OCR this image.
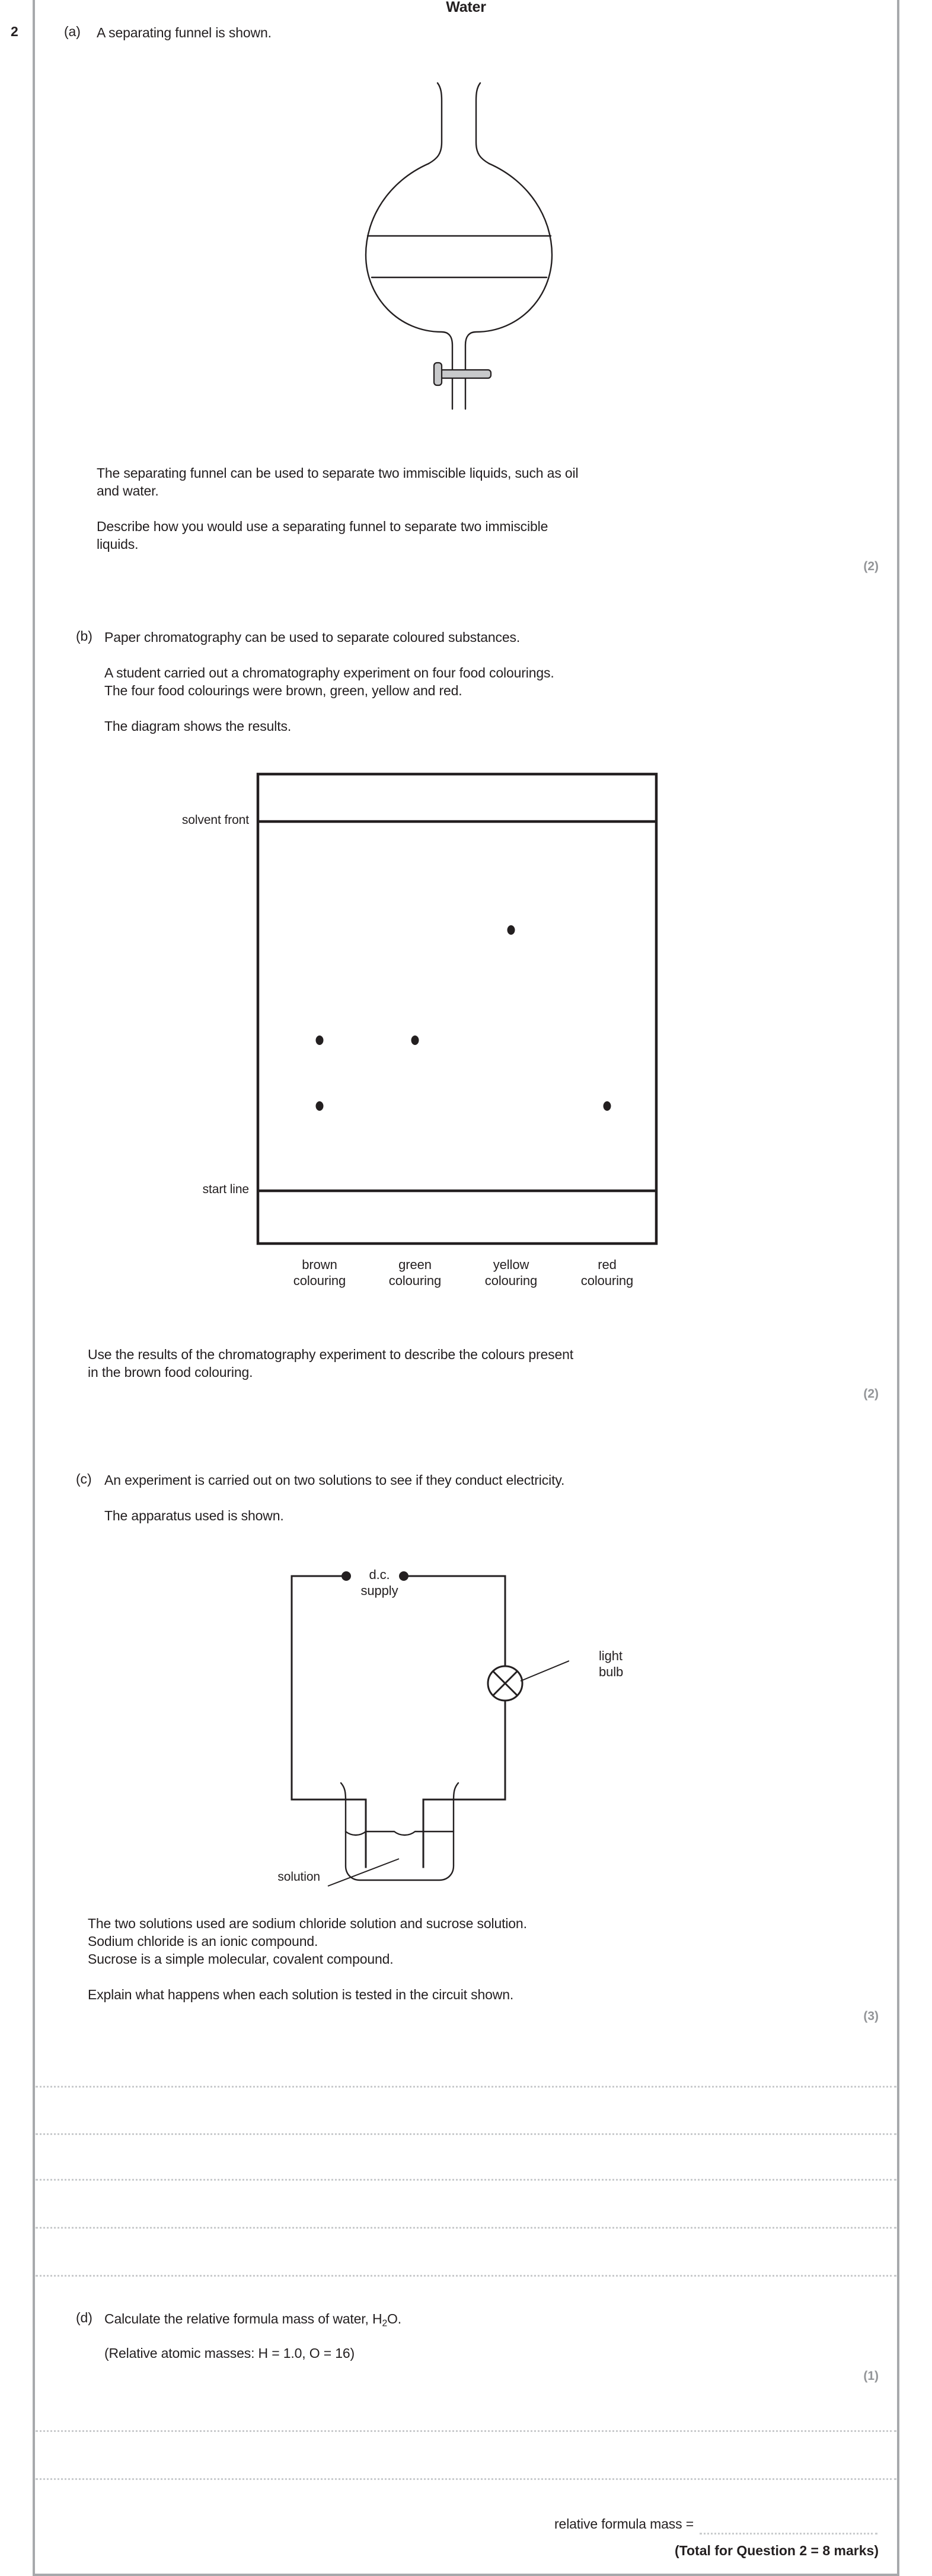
Water
2	(a) A separating funnel is shown.
The separating funnel can be used to separate two immiscible liquids, such as oil
and water.
Describe how you would use a separating funnel to separate two immiscible
liquids.
(2)
(b) Paper chromatography can be used to separate coloured substances.
A student carried out a chromatography experiment on four food colourings.
The four food colourings were brown, green, yellow and red.
The diagram shows the results.
solvent front
start line
brown
colouring
green
colouring
yellow
colouring
red
colouring
Use the results of the chromatography experiment to describe the colours present
in the brown food colouring.
(2)
(c) An experiment is carried out on two solutions to see if they conduct electricity.
The apparatus used is shown.
solution
d.c.
supply
light
bulb
The two solutions used are sodium chloride solution and sucrose solution.
Sodium chloride is an ionic compound.
Sucrose is a simple molecular, covalent compound.
Explain what happens when each solution is tested in the circuit shown.
(3)
(d) Calculate the relative formula mass of water, $H_2O$.
(Relative atomic masses: H = 1.0, O = 16)
(1)
relative formula mass =
(Total for Question 2 = 8 marks)
